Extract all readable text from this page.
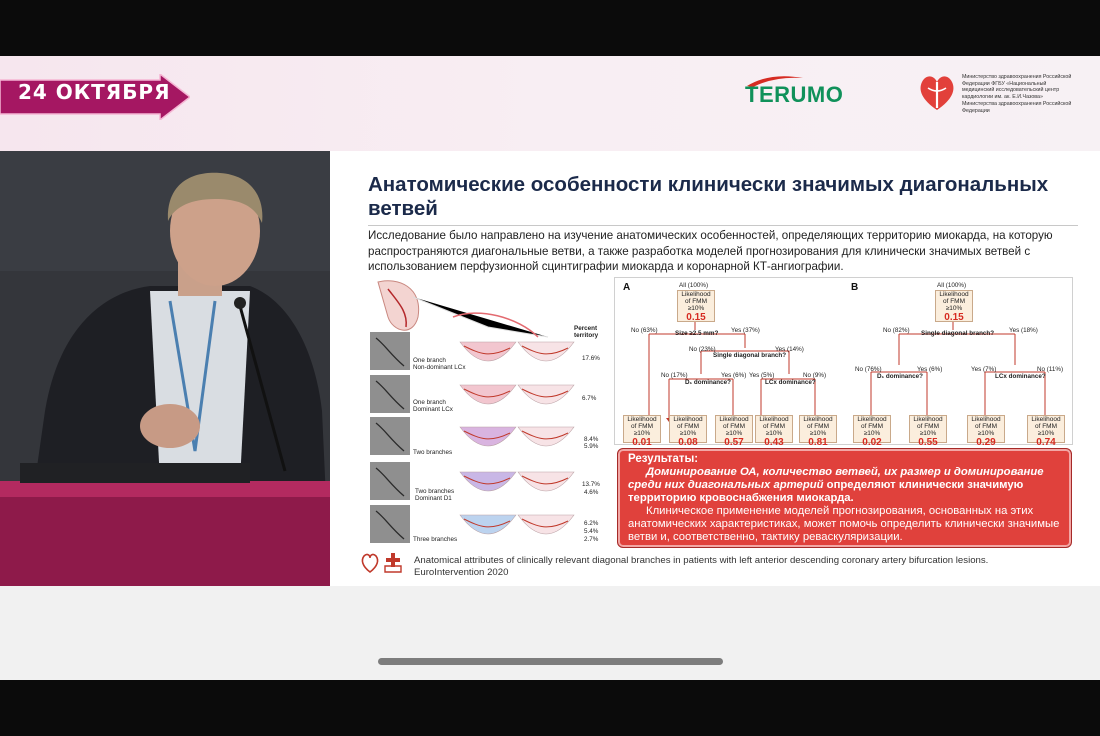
24 ОКТЯБРЯ	TERUMO
Министерство здравоохранения Российской Федерации ФГБУ «Национальный медицинский исследовательский центр кардиологии им. ак. Е.И.Чазова» Министерства здравоохранения Российской Федерации
Анатомические особенности клинически значимых диагональных ветвей
Исследование было направлено на изучение анатомических особенностей, определяющих территорию миокарда, на которую распространяются диагональные ветви, а также разработка моделей прогнозирования для клинически значимых ветвей с использованием перфузионной сцинтиграфии миокарда и коронарной КТ-ангиографии.
Percent
territory
One branch
Non-dominant LCx
17.6%
One branch
Dominant LCx
6.7%
Two branches
8.4%
5.9%
Two branches
Dominant D1
13.7%
4.6%
Three branches
6.2%
5.4%
2.7%
A	All (100%)
Likelihood of FMM ≥10%
0.15
No (63%)	Size ≥2.5 mm? Yes (37%)
No (23%)
Single diagonal branch?
Yes (14%)
No (17%)
D₁ dominance?
Yes (6%) Yes (5%)
LCx dominance?
No (9%)
Likelihood of FMM ≥10%
0.01
Likelihood of FMM ≥10%
0.08
Likelihood of FMM ≥10%
0.57
Likelihood of FMM ≥10%
0.43
Likelihood of FMM ≥10%
0.81
B	All (100%)
Likelihood of FMM ≥10%
0.15
No (82%) Single diagonal branch? Yes (18%)
No (76%)
D₁ dominance?
Yes (6%)	Yes (7%)
LCx dominance?
No (11%)
Likelihood of FMM ≥10%
0.02
Likelihood of FMM ≥10%
0.55
Likelihood of FMM ≥10%
0.29
Likelihood of FMM ≥10%
0.74
Результаты:
Доминирование ОА, количество ветвей, их размер и доминирование среди них диагональных артерий определяют клинически значимую территорию кровоснабжения миокарда.
Клиническое применение моделей прогнозирования, основанных на этих анатомических характеристиках, может помочь определить клинически значимые ветви и, соответственно, тактику реваскуляризации.
Anatomical attributes of clinically relevant diagonal branches in patients with left anterior descending coronary artery bifurcation lesions.
EuroIntervention 2020
